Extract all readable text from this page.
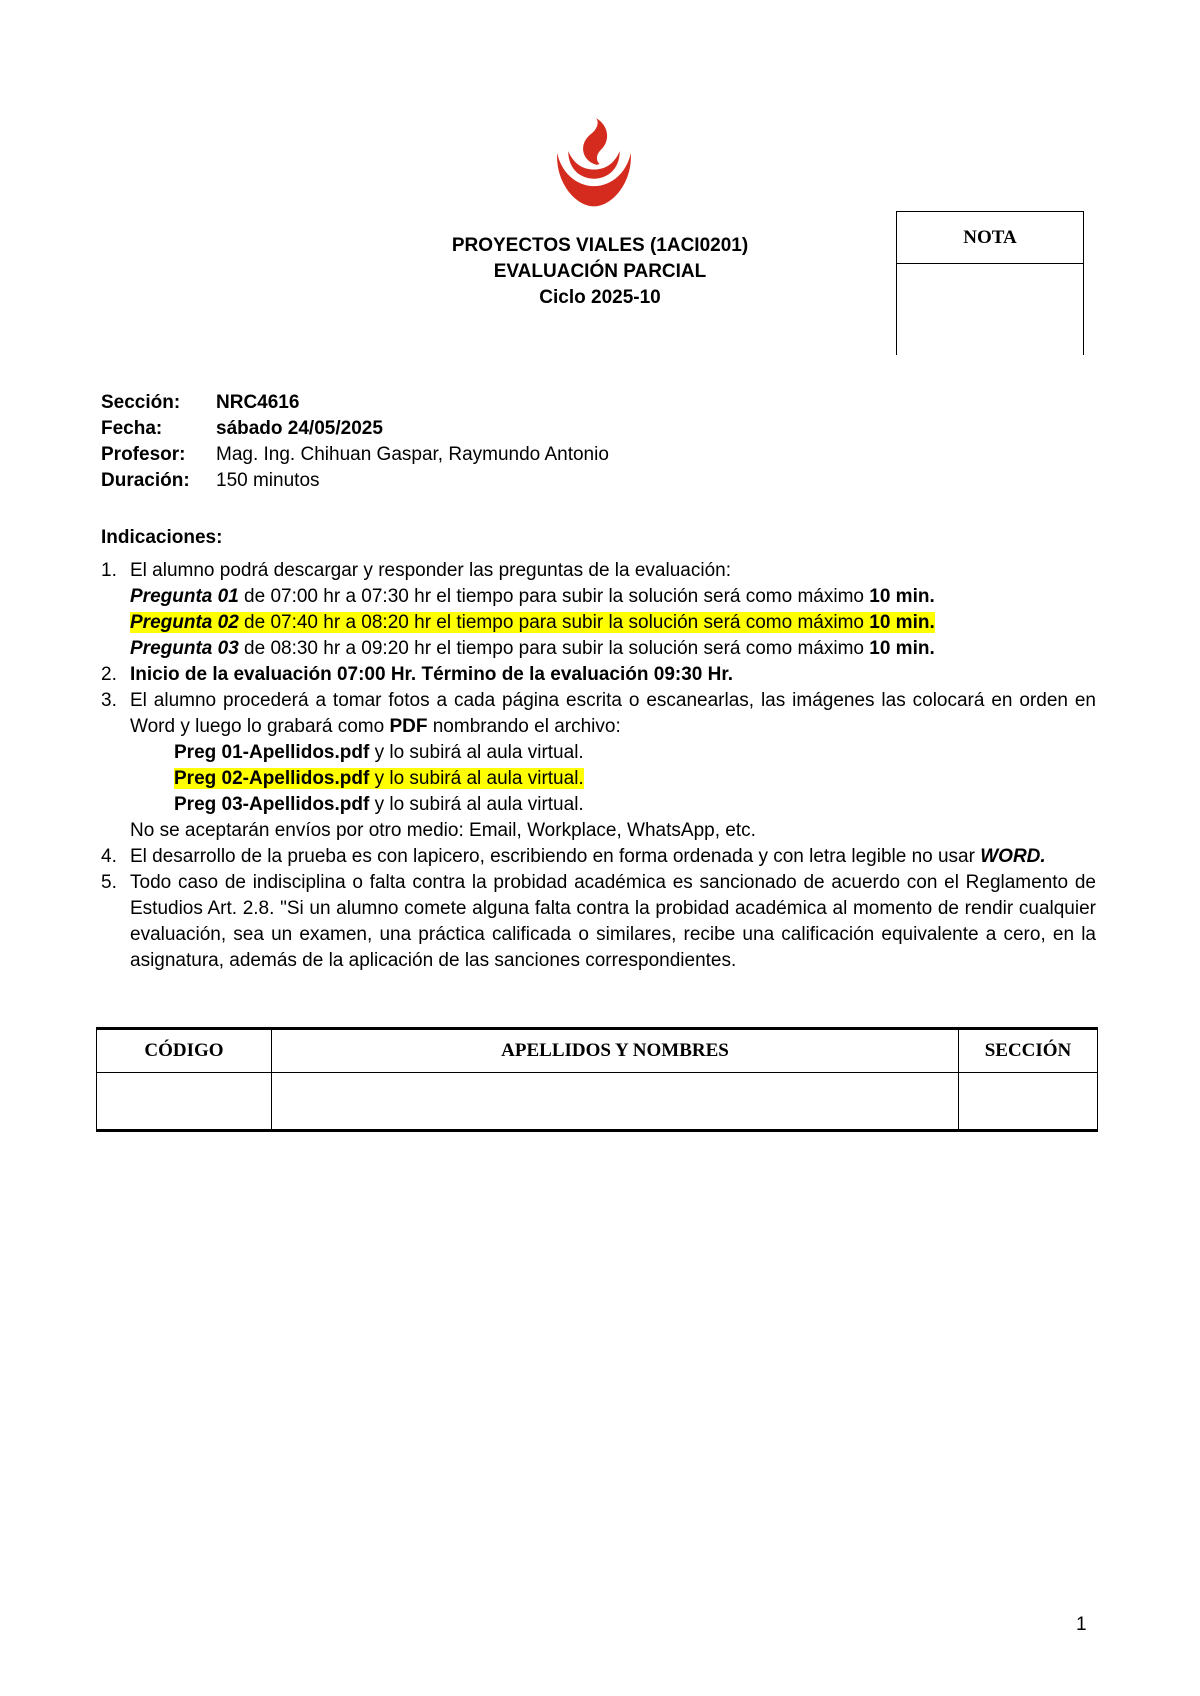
PROYECTOS VIALES (1ACI0201)
EVALUACIÓN PARCIAL
Ciclo 2025-10
NOTA
Sección:	NRC4616
Fecha:	sábado 24/05/2025
Profesor:	Mag. Ing. Chihuan Gaspar, Raymundo Antonio
Duración:	150 minutos
Indicaciones:
1. El alumno podrá descargar y responder las preguntas de la evaluación:
Pregunta 01 de 07:00 hr a 07:30 hr el tiempo para subir la solución será como máximo 10 min.
Pregunta 02 de 07:40 hr a 08:20 hr el tiempo para subir la solución será como máximo 10 min.
Pregunta 03 de 08:30 hr a 09:20 hr el tiempo para subir la solución será como máximo 10 min.
2. Inicio de la evaluación 07:00 Hr. Término de la evaluación 09:30 Hr.
3. El alumno procederá a tomar fotos a cada página escrita o escanearlas, las imágenes las colocará en orden en Word y luego lo grabará como PDF nombrando el archivo:
Preg 01-Apellidos.pdf y lo subirá al aula virtual.
Preg 02-Apellidos.pdf y lo subirá al aula virtual.
Preg 03-Apellidos.pdf y lo subirá al aula virtual.
No se aceptarán envíos por otro medio: Email, Workplace, WhatsApp, etc.
4. El desarrollo de la prueba es con lapicero, escribiendo en forma ordenada y con letra legible no usar WORD.
5. Todo caso de indisciplina o falta contra la probidad académica es sancionado de acuerdo con el Reglamento de Estudios Art. 2.8. "Si un alumno comete alguna falta contra la probidad académica al momento de rendir cualquier evaluación, sea un examen, una práctica calificada o similares, recibe una calificación equivalente a cero, en la asignatura, además de la aplicación de las sanciones correspondientes.
CÓDIGO	APELLIDOS Y NOMBRES	SECCIÓN

1
